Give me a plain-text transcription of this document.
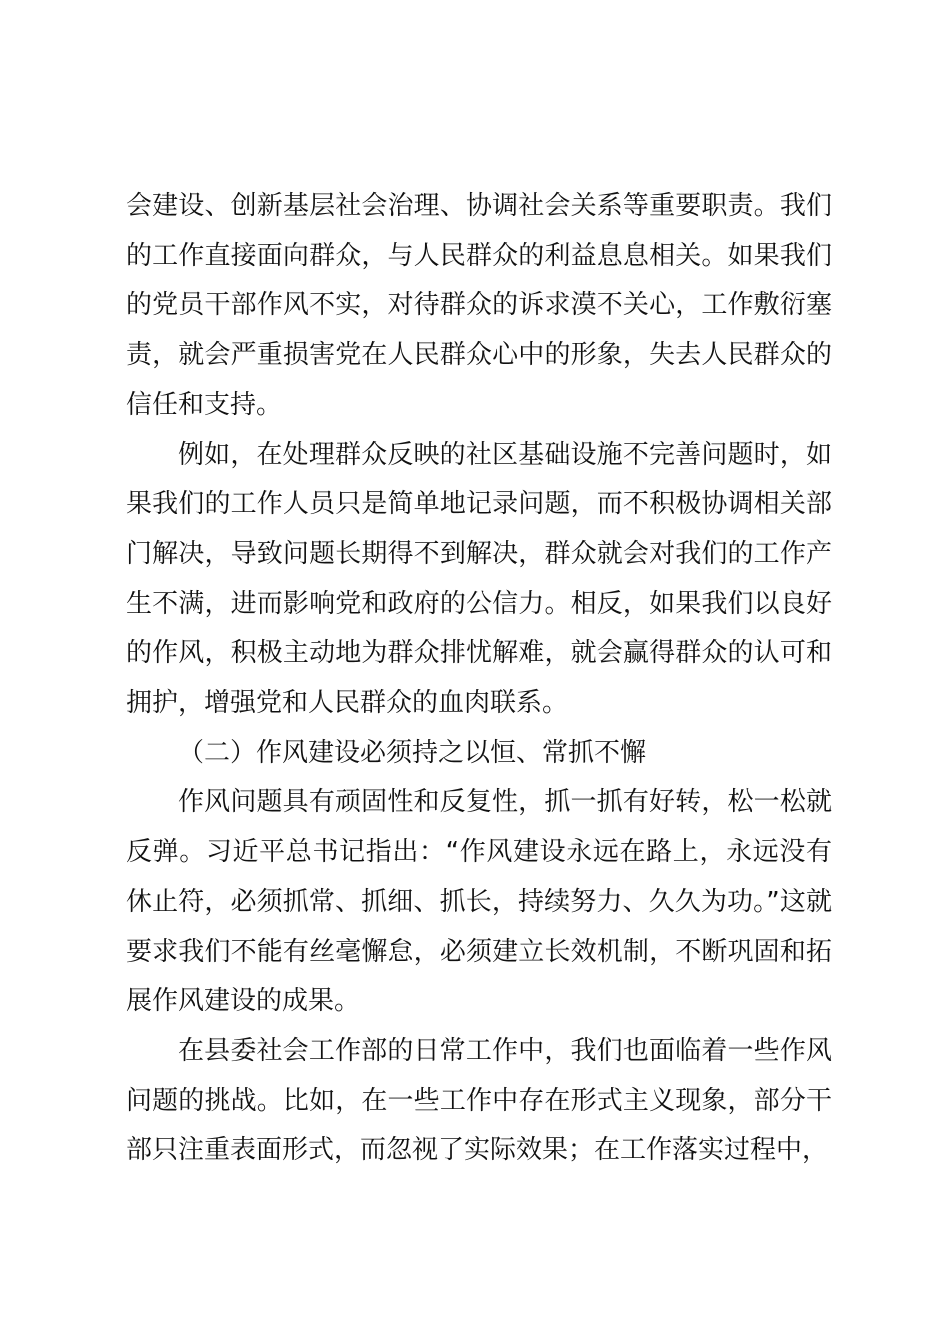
会建设、创新基层社会治理、协调社会关系等重要职责。我们的工作直接面向群众，与人民群众的利益息息相关。如果我们的党员干部作风不实，对待群众的诉求漠不关心，工作敷衍塞责，就会严重损害党在人民群众心中的形象，失去人民群众的信任和支持。

例如，在处理群众反映的社区基础设施不完善问题时，如果我们的工作人员只是简单地记录问题，而不积极协调相关部门解决，导致问题长期得不到解决，群众就会对我们的工作产生不满，进而影响党和政府的公信力。相反，如果我们以良好的作风，积极主动地为群众排忧解难，就会赢得群众的认可和拥护，增强党和人民群众的血肉联系。

（二）作风建设必须持之以恒、常抓不懈

作风问题具有顽固性和反复性，抓一抓有好转，松一松就反弹。习近平总书记指出：“作风建设永远在路上，永远没有休止符，必须抓常、抓细、抓长，持续努力、久久为功。”这就要求我们不能有丝毫懈怠，必须建立长效机制，不断巩固和拓展作风建设的成果。

在县委社会工作部的日常工作中，我们也面临着一些作风问题的挑战。比如，在一些工作中存在形式主义现象，部分干部只注重表面形式，而忽视了实际效果；在工作落实过程中，
